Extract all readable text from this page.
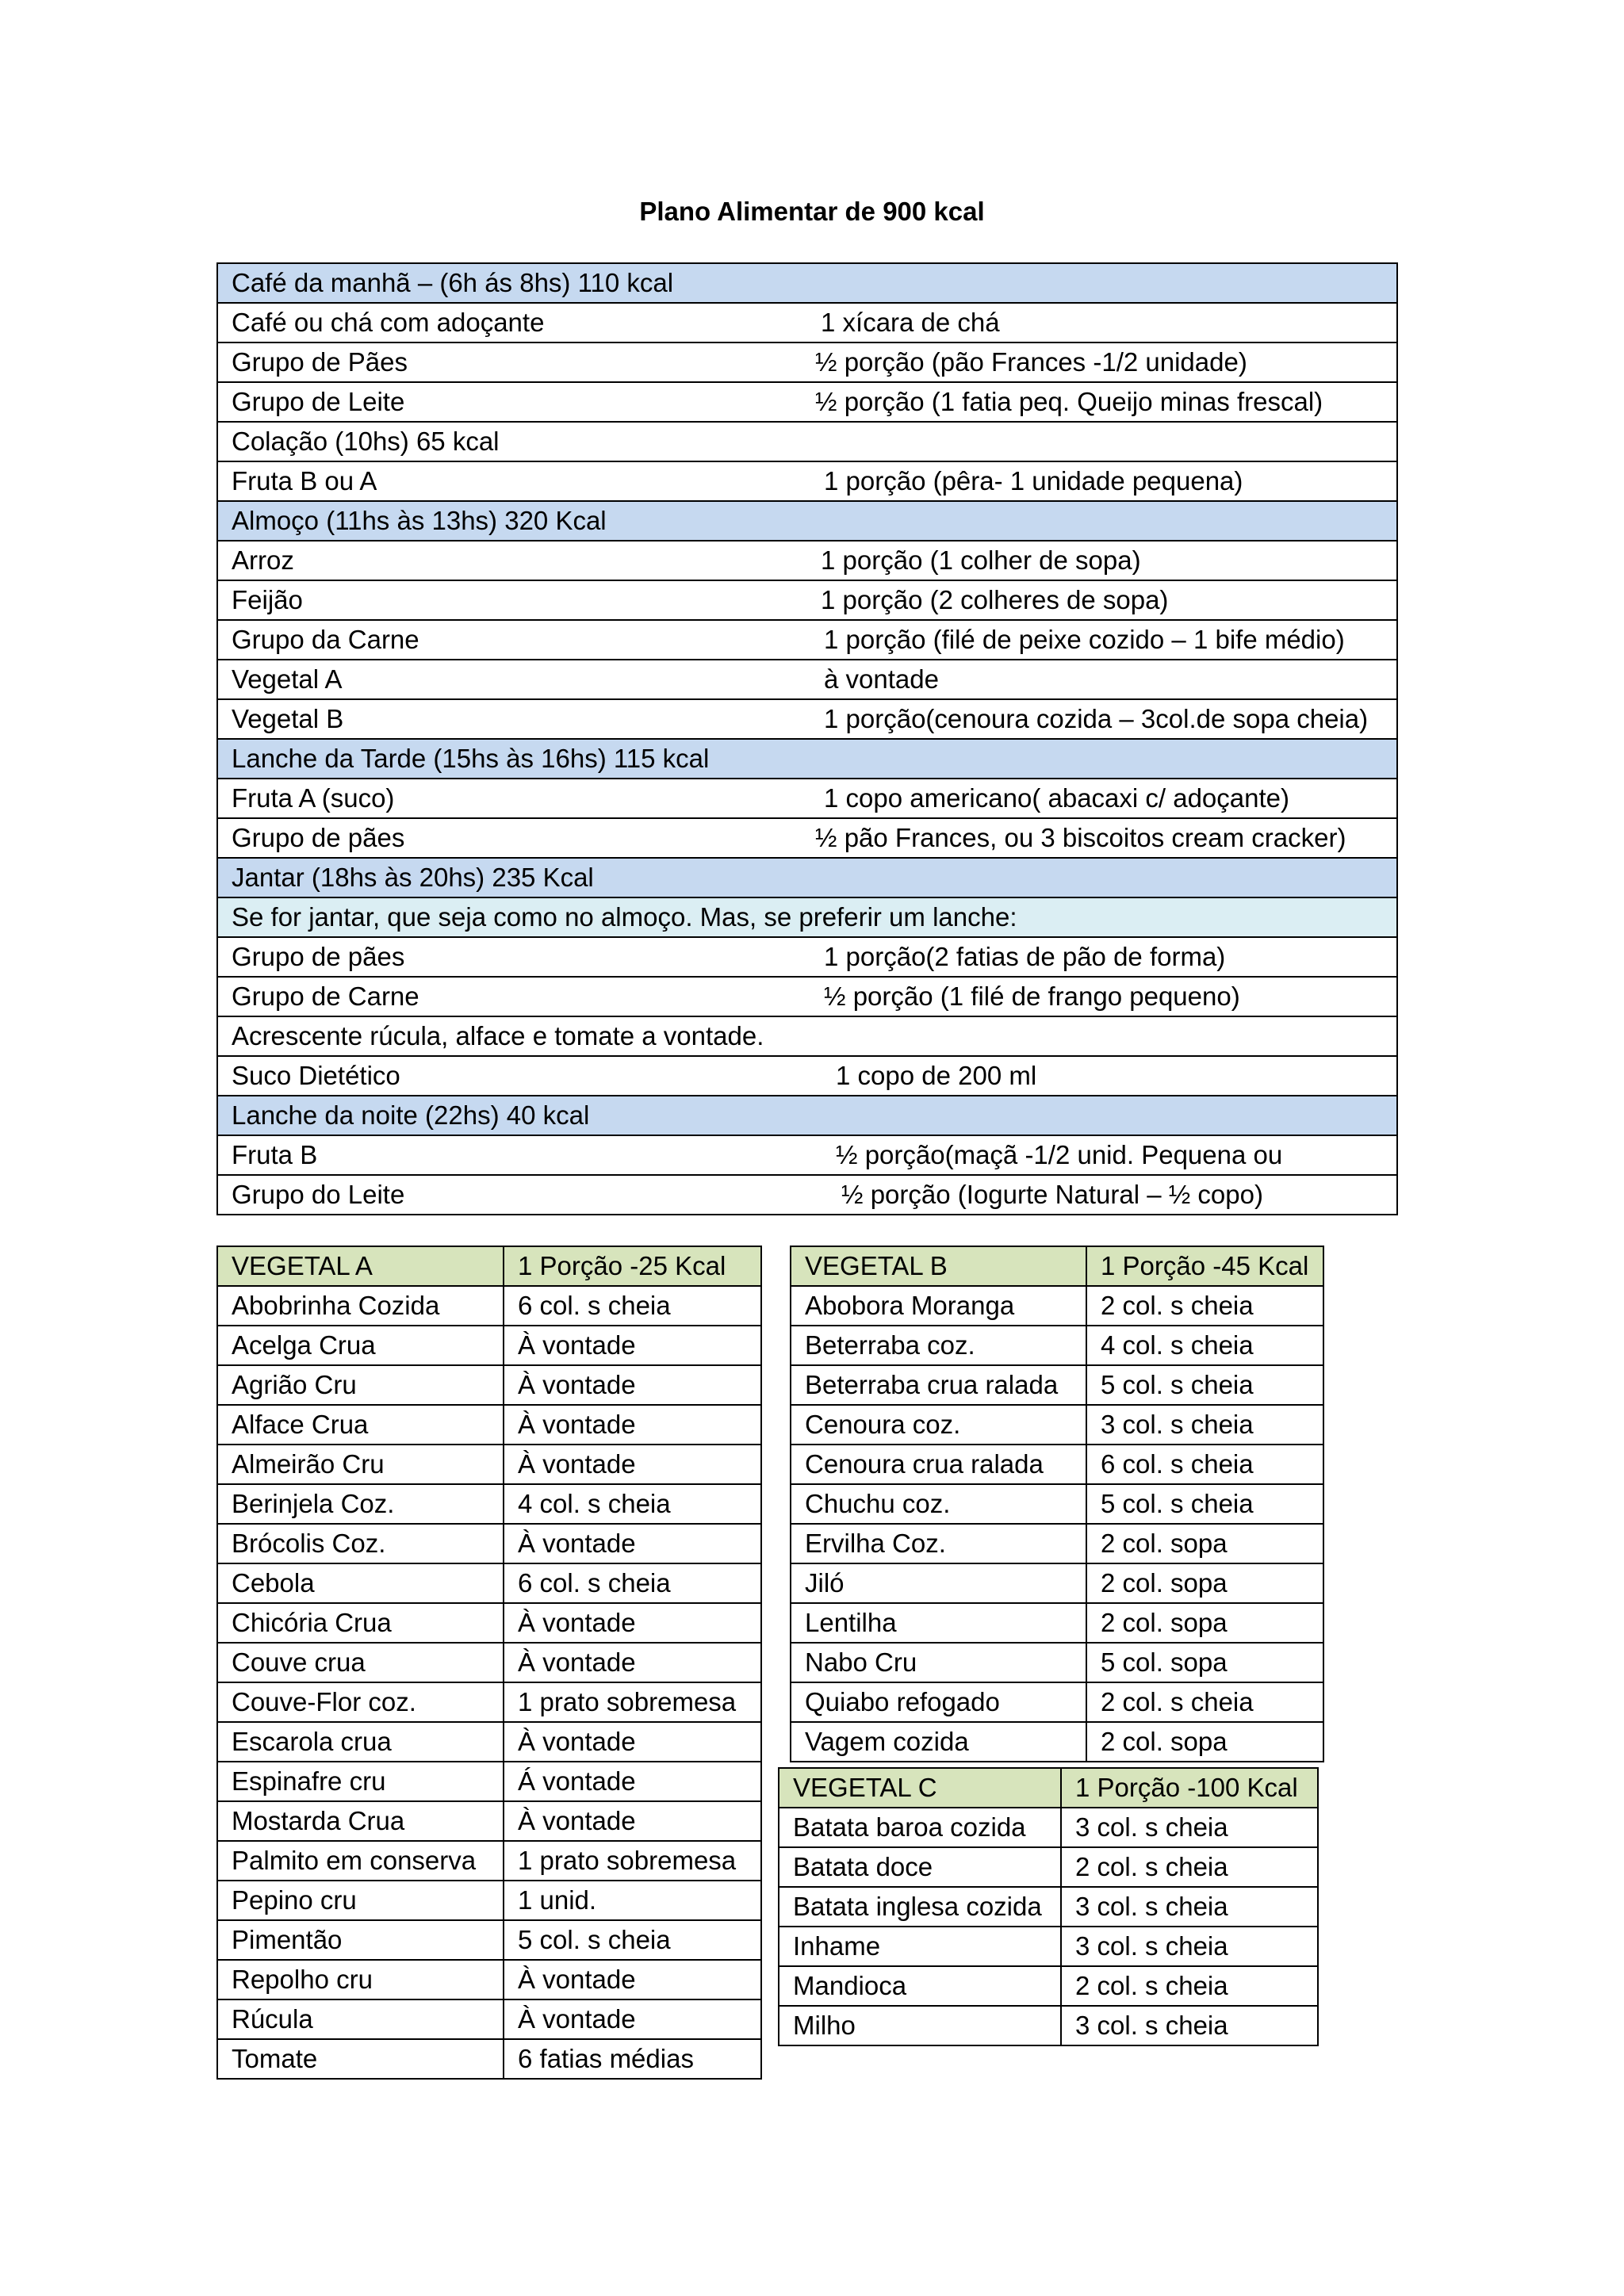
Plano Alimentar de 900 kcal
Café da manhã – (6h ás 8hs) 110 kcal	
Café ou chá com adoçante	1 xícara de chá
Grupo de Pães	½ porção (pão Frances -1/2 unidade)
Grupo de Leite	½ porção (1 fatia peq. Queijo minas frescal)
Colação (10hs) 65 kcal	
Fruta B ou A	1 porção (pêra- 1 unidade pequena)
Almoço (11hs às 13hs) 320 Kcal	
Arroz	1 porção (1 colher de sopa)
Feijão	1 porção (2 colheres de sopa)
Grupo da Carne	1 porção (filé de peixe cozido – 1 bife médio)
Vegetal A	à vontade
Vegetal B	1 porção(cenoura cozida – 3col.de sopa cheia)
Lanche da Tarde (15hs às 16hs) 115 kcal	
Fruta A (suco)	1 copo americano( abacaxi c/ adoçante)
Grupo de pães	½ pão Frances, ou 3 biscoitos cream cracker)
Jantar (18hs às 20hs) 235 Kcal	
Se for jantar, que seja como no almoço. Mas, se preferir um lanche:	
Grupo de pães	1 porção(2 fatias de pão de forma)
Grupo de Carne	½ porção (1 filé de frango pequeno)
Acrescente rúcula, alface e tomate a vontade.	
Suco Dietético	1 copo de 200 ml
Lanche da noite (22hs) 40 kcal	
Fruta B	½ porção(maçã -1/2 unid. Pequena ou
Grupo do Leite	½ porção (Iogurte Natural – ½ copo)
VEGETAL A	1 Porção -25 Kcal
Abobrinha Cozida	6 col. s cheia
Acelga Crua	À vontade
Agrião Cru	À vontade
Alface Crua	À vontade
Almeirão Cru	À vontade
Berinjela Coz.	4 col. s cheia
Brócolis Coz.	À vontade
Cebola	6 col. s cheia
Chicória Crua	À vontade
Couve crua	À vontade
Couve-Flor coz.	1 prato sobremesa
Escarola crua	À vontade
Espinafre cru	Á vontade
Mostarda Crua	À vontade
Palmito em conserva	1 prato sobremesa
Pepino cru	1 unid.
Pimentão	5 col. s cheia
Repolho cru	À vontade
Rúcula	À vontade
Tomate	6 fatias médias
VEGETAL B	1 Porção -45 Kcal
Abobora Moranga	2 col. s cheia
Beterraba coz.	4 col. s cheia
Beterraba crua ralada	5 col. s cheia
Cenoura coz.	3 col. s cheia
Cenoura crua ralada	6 col. s cheia
Chuchu coz.	5 col. s cheia
Ervilha Coz.	2 col. sopa
Jiló	2 col. sopa
Lentilha	2 col. sopa
Nabo Cru	5 col. sopa
Quiabo refogado	2 col. s cheia
Vagem cozida	2 col. sopa
VEGETAL C	1 Porção -100 Kcal
Batata baroa cozida	3 col. s cheia
Batata doce	2 col. s cheia
Batata inglesa cozida	3 col. s cheia
Inhame	3 col. s cheia
Mandioca	2 col. s cheia
Milho	3 col. s cheia
